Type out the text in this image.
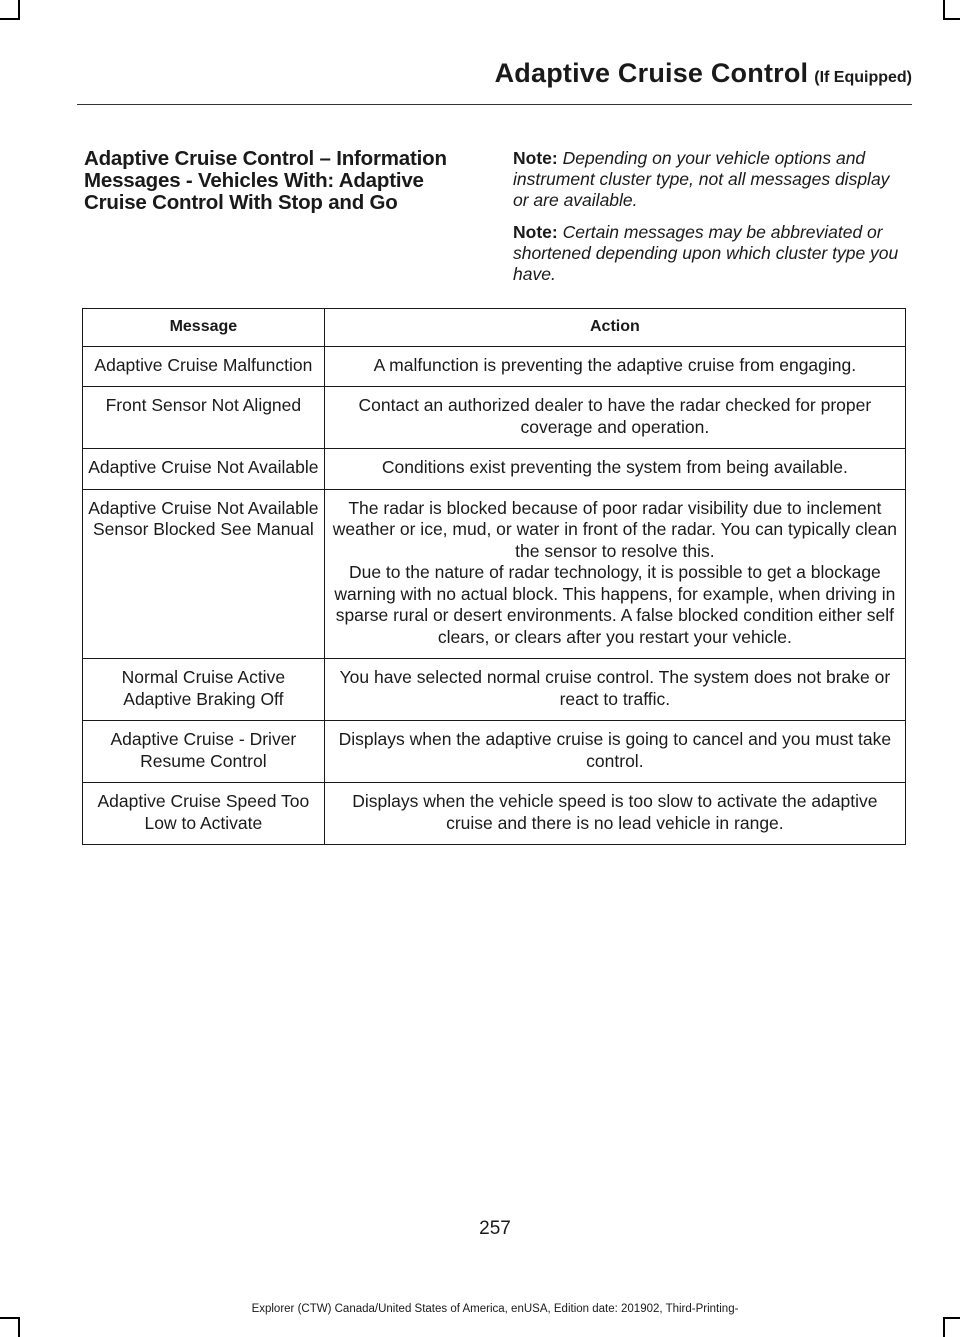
Adaptive Cruise Control (If Equipped)
Adaptive Cruise Control – Information Messages - Vehicles With: Adaptive Cruise Control With Stop and Go

Note: Depending on your vehicle options and instrument cluster type, not all messages display or are available.

Note: Certain messages may be abbreviated or shortened depending upon which cluster type you have.

Message	Action
Adaptive Cruise Malfunction	A malfunction is preventing the adaptive cruise from engaging.

Front Sensor Not Aligned	Contact an authorized dealer to have the radar checked for proper coverage and operation.

Adaptive Cruise Not Available	Conditions exist preventing the system from being available.

Adaptive Cruise Not Available Sensor Blocked See Manual	The radar is blocked because of poor radar visibility due to inclement weather or ice, mud, or water in front of the radar. You can typically clean the sensor to resolve this.
Due to the nature of radar technology, it is possible to get a blockage warning with no actual block. This happens, for example, when driving in sparse rural or desert environments. A false blocked condition either self clears, or clears after you restart your vehicle.

Normal Cruise Active Adaptive Braking Off	You have selected normal cruise control. The system does not brake or react to traffic.

Adaptive Cruise - Driver Resume Control	Displays when the adaptive cruise is going to cancel and you must take control.

Adaptive Cruise Speed Too Low to Activate	Displays when the vehicle speed is too slow to activate the adaptive cruise and there is no lead vehicle in range.
257
Explorer (CTW) Canada/United States of America, enUSA, Edition date: 201902, Third-Printing-
